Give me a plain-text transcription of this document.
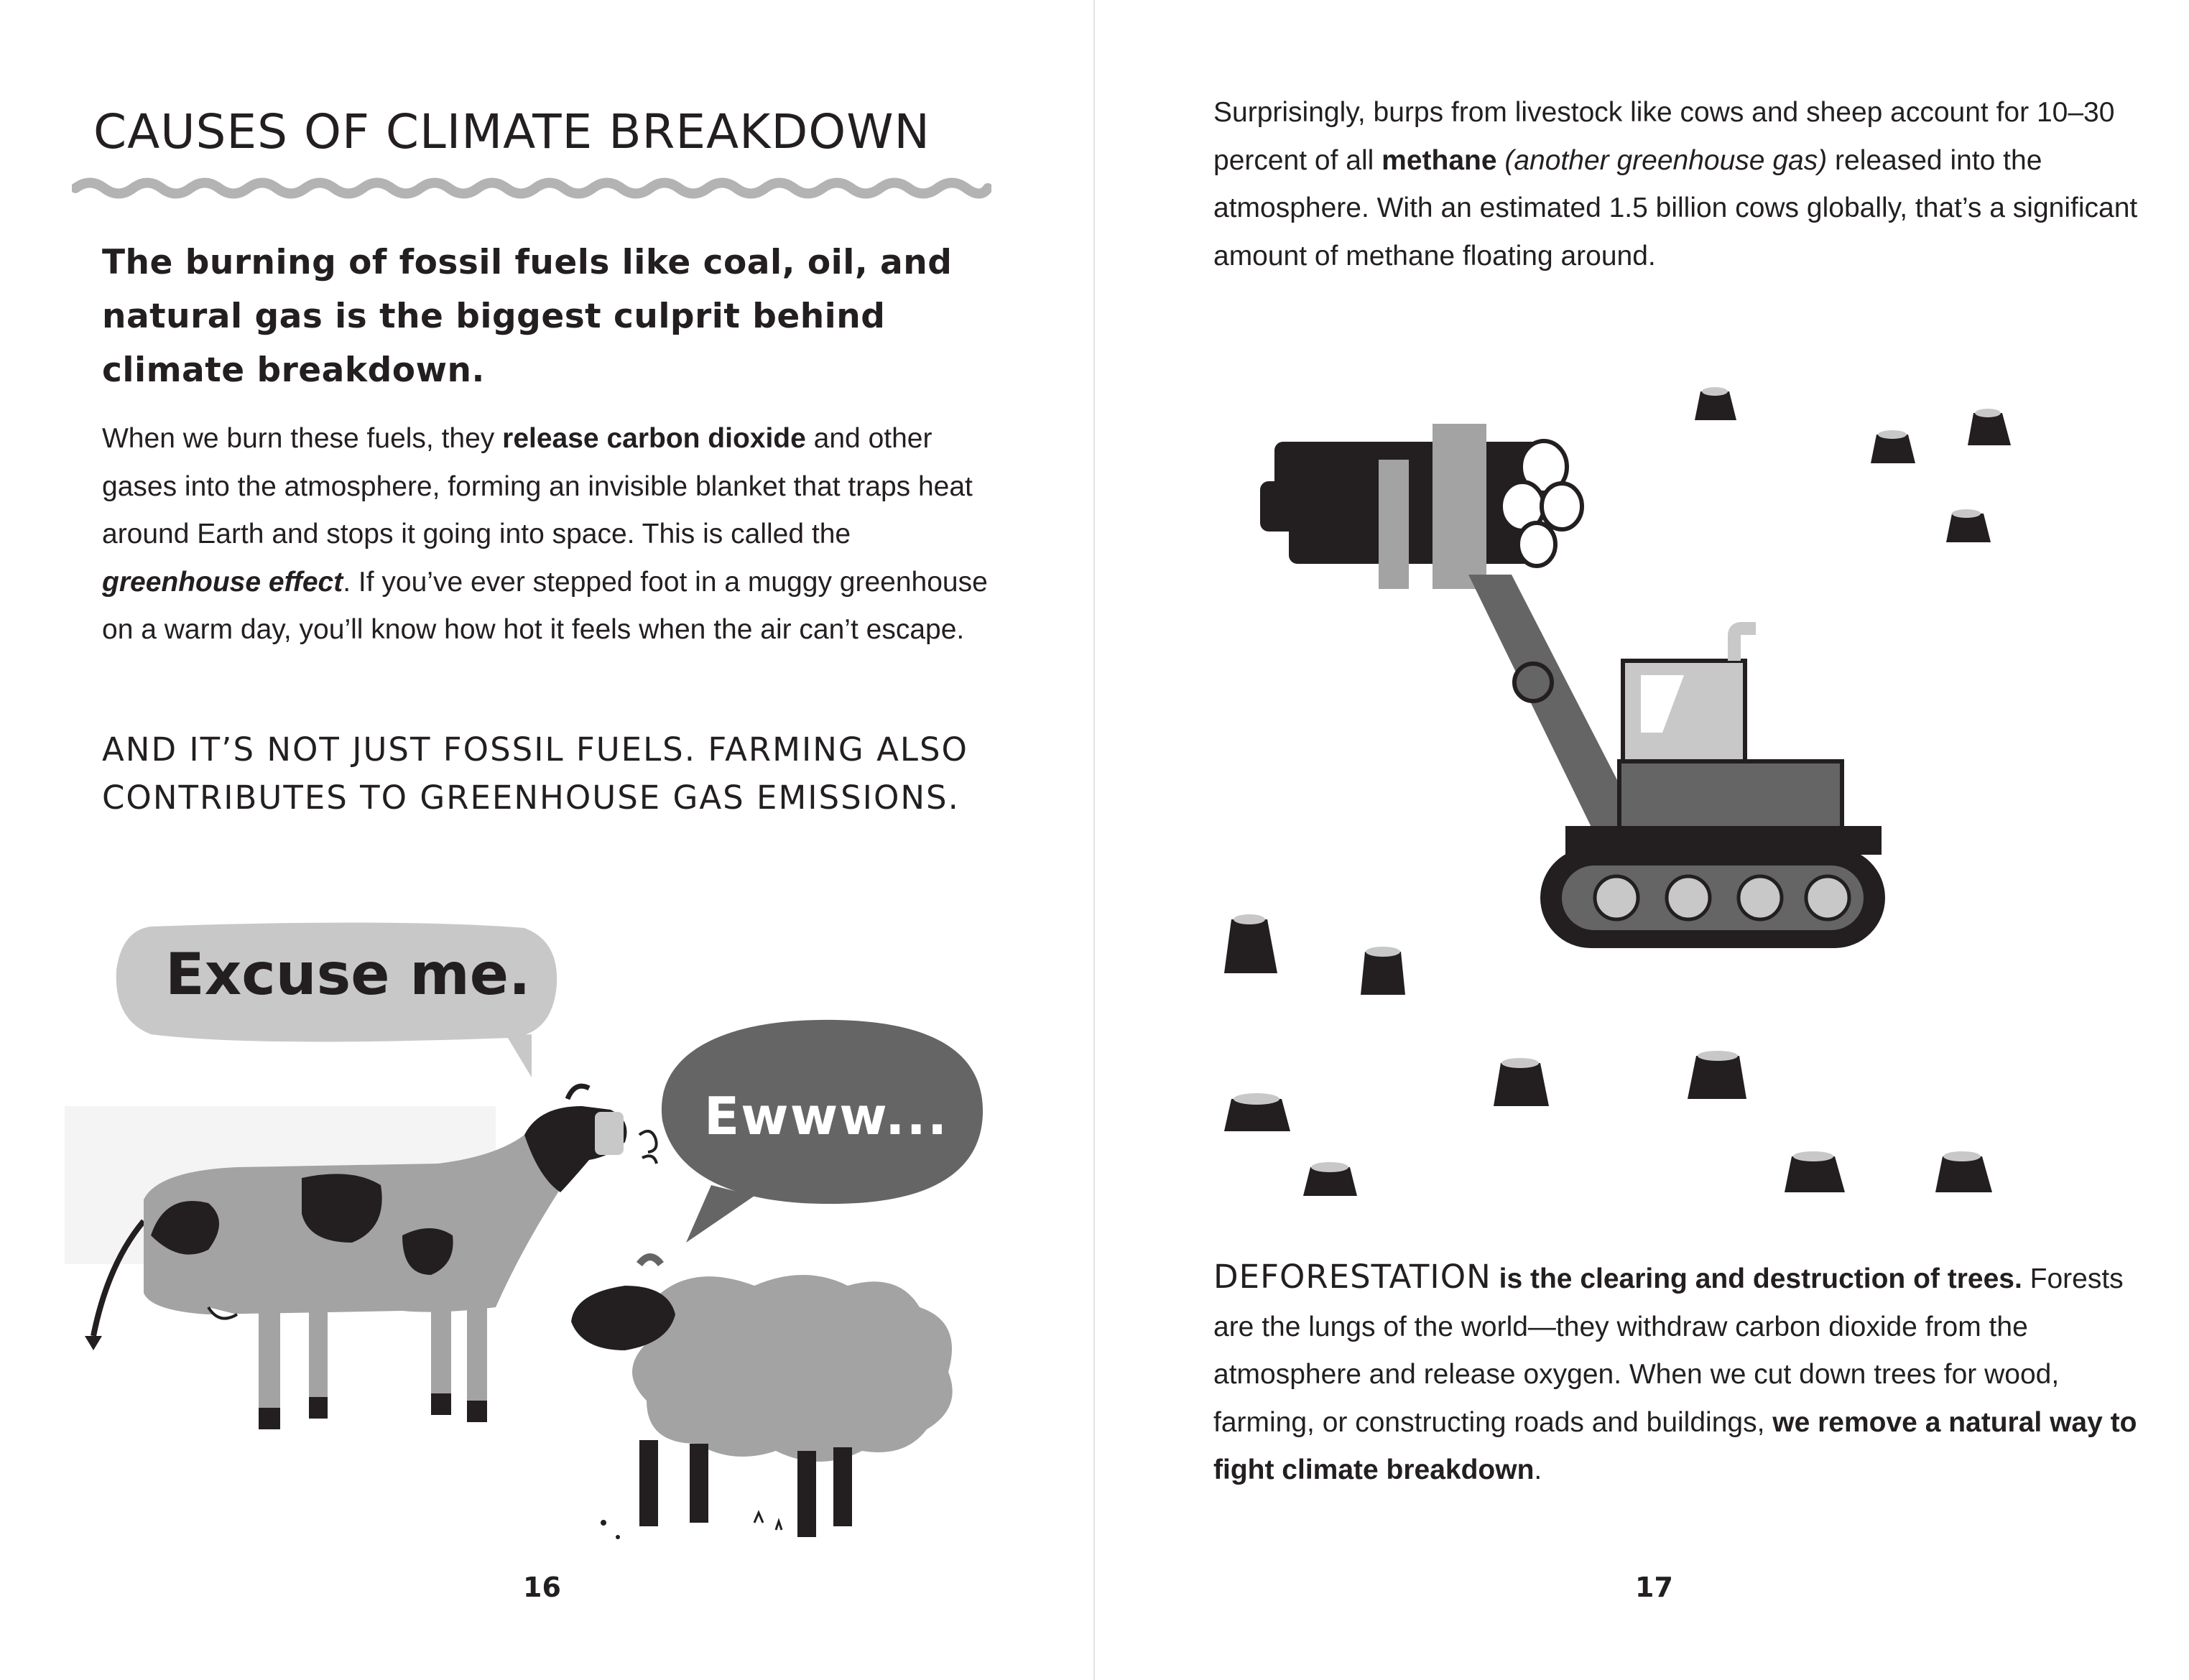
CAUSES OF CLIMATE BREAKDOWN

The burning of fossil fuels like coal, oil, and natural gas is the biggest culprit behind climate breakdown.

When we burn these fuels, they release carbon dioxide and other gases into the atmosphere, forming an invisible blanket that traps heat around Earth and stops it going into space. This is called the greenhouse effect. If you’ve ever stepped foot in a muggy greenhouse on a warm day, you’ll know how hot it feels when the air can’t escape.

AND IT’S NOT JUST FOSSIL FUELS. FARMING ALSO CONTRIBUTES TO GREENHOUSE GAS EMISSIONS.

Excuse me.
Ewww...
16

Surprisingly, burps from livestock like cows and sheep account for 10–30 percent of all methane (another greenhouse gas) released into the atmosphere. With an estimated 1.5 billion cows globally, that’s a significant amount of methane floating around.

DEFORESTATION is the clearing and destruction of trees. Forests are the lungs of the world—they withdraw carbon dioxide from the atmosphere and release oxygen. When we cut down trees for wood, farming, or constructing roads and buildings, we remove a natural way to fight climate breakdown.

17
